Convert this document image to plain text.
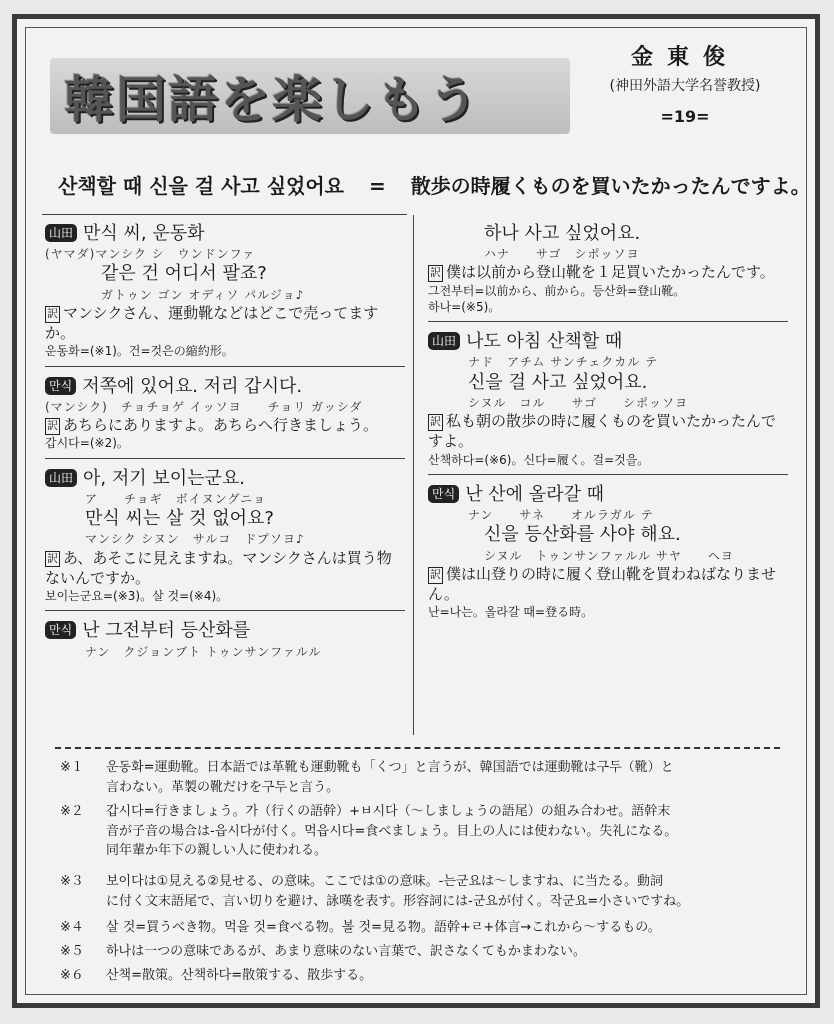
韓国語を楽しもう
金東俊
(神田外語大学名誉教授)
=19=
산책할 때 신을 걸 사고 싶었어요 = 散歩の時履くものを買いたかったんですよ。
山田 만식 씨, 운동화
(ヤマダ)マンシク シ　ウンドンファ
같은 건 어디서 팔죠?
ガトゥン ゴン オディソ パルジョ♪
訳 マンシクさん、運動靴などはどこで売ってますか。
운동화=(※1)。건=것은の縮約形。
만식 저쪽에 있어요. 저리 갑시다.
(マンシク)　チョチョゲ イッソヨ　　チョリ ガッシダ
訳 あちらにありますよ。あちらへ行きましょう。
갑시다=(※2)。
山田 아, 저기 보이는군요.
ア　　チョギ　ボイヌングニョ
만식 씨는 살 것 없어요?
マンシク シヌン　サルコ　ドプソヨ♪
訳 あ、あそこに見えますね。マンシクさんは買う物ないんですか。
보이는군요=(※3)。살 것=(※4)。
만식 난 그전부터 등산화를
ナン　クジョンブト トゥンサンファルル
하나 사고 싶었어요.
ハナ　　サゴ　シポッソヨ
訳 僕は以前から登山靴を１足買いたかったんです。
그전부터=以前から、前から。등산화=登山靴。
하나=(※5)。
山田 나도 아침 산책할 때
ナド　アチム サンチェクカル テ
신을 걸 사고 싶었어요.
シヌル　コル　　サゴ　　シポッソヨ
訳 私も朝の散歩の時に履くものを買いたかったんですよ。
산책하다=(※6)。신다=履く。걸=것을。
만식 난 산에 올라갈 때
ナン　　サネ　　オルラガル テ
신을 등산화를 사야 해요.
シヌル　トゥンサンファルル サヤ　　ヘヨ
訳 僕は山登りの時に履く登山靴を買わねばなりません。
난=나는。올라갈 때=登る時。
※１ 운동화=運動靴。日本語では革靴も運動靴も「くつ」と言うが、韓国語では運動靴は구두（靴）と
言わない。革製の靴だけを구두と言う。
※２ 갑시다=行きましょう。가（行くの語幹）+ㅂ시다（～しましょうの語尾）の組み合わせ。語幹末
音が子音の場合は-읍시다が付く。먹읍시다=食べましょう。目上の人には使わない。失礼になる。
同年輩か年下の親しい人に使われる。
※３ 보이다は①見える②見せる、の意味。ここでは①の意味。-는군요は～しますね、に当たる。動詞
に付く文末語尾で、言い切りを避け、詠嘆を表す。形容詞には-군요が付く。작군요=小さいですね。
※４ 살 것=買うべき物。먹을 것=食べる物。볼 것=見る物。語幹+ㄹ+体言→これから～するもの。
※５ 하나は一つの意味であるが、あまり意味のない言葉で、訳さなくてもかまわない。
※６ 산책=散策。산책하다=散策する、散歩する。
